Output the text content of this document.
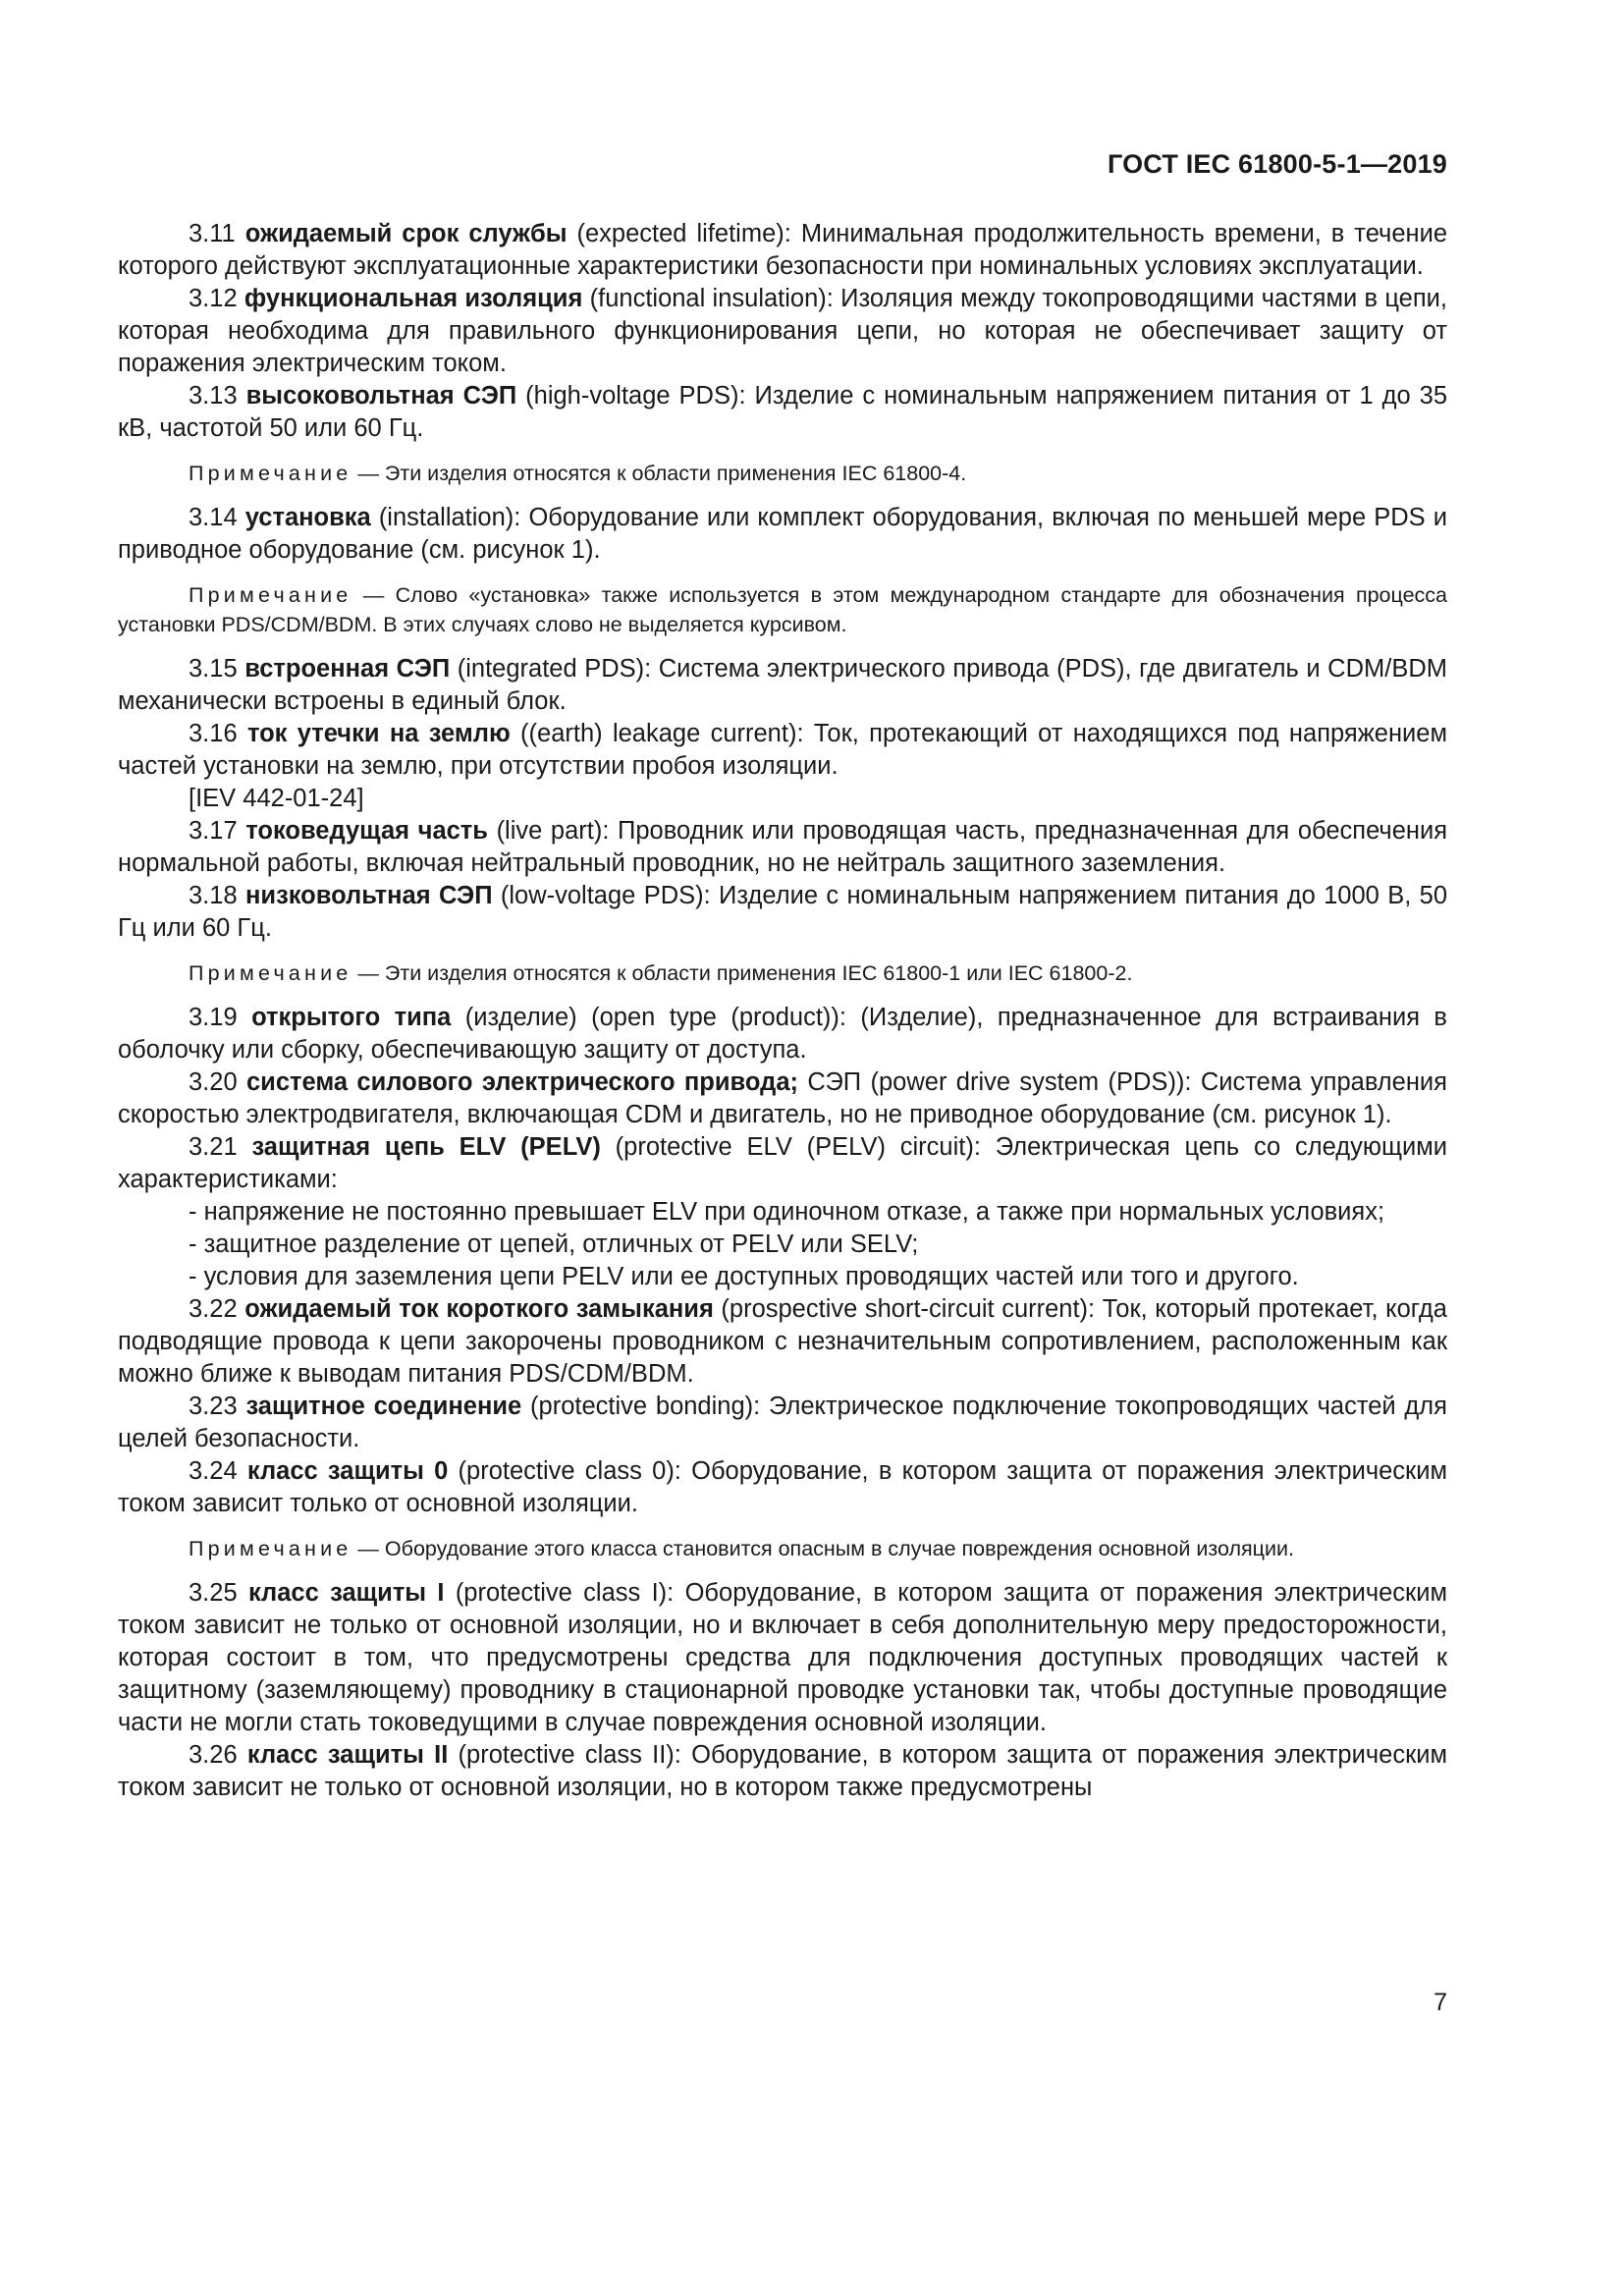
ГОСТ IEC 61800-5-1—2019

3.11 ожидаемый срок службы (expected lifetime): Минимальная продолжительность времени, в течение которого действуют эксплуатационные характеристики безопасности при номинальных условиях эксплуатации.

3.12 функциональная изоляция (functional insulation): Изоляция между токопроводящими частями в цепи, которая необходима для правильного функционирования цепи, но которая не обеспечивает защиту от поражения электрическим током.

3.13 высоковольтная СЭП (high-voltage PDS): Изделие с номинальным напряжением питания от 1 до 35 кВ, частотой 50 или 60 Гц.

Примечание — Эти изделия относятся к области применения IEC 61800-4.

3.14 установка (installation): Оборудование или комплект оборудования, включая по меньшей мере PDS и приводное оборудование (см. рисунок 1).

Примечание — Слово «установка» также используется в этом международном стандарте для обозначения процесса установки PDS/CDM/BDM. В этих случаях слово не выделяется курсивом.

3.15 встроенная СЭП (integrated PDS): Система электрического привода (PDS), где двигатель и CDM/BDM механически встроены в единый блок.

3.16 ток утечки на землю ((earth) leakage current): Ток, протекающий от находящихся под напряжением частей установки на землю, при отсутствии пробоя изоляции.

[IEV 442-01-24]

3.17 токоведущая часть (live part): Проводник или проводящая часть, предназначенная для обеспечения нормальной работы, включая нейтральный проводник, но не нейтраль защитного заземления.

3.18 низковольтная СЭП (low-voltage PDS): Изделие с номинальным напряжением питания до 1000 В, 50 Гц или 60 Гц.

Примечание — Эти изделия относятся к области применения IEC 61800-1 или IEC 61800-2.

3.19 открытого типа (изделие) (open type (product)): (Изделие), предназначенное для встраивания в оболочку или сборку, обеспечивающую защиту от доступа.

3.20 система силового электрического привода; СЭП (power drive system (PDS)): Система управления скоростью электродвигателя, включающая CDM и двигатель, но не приводное оборудование (см. рисунок 1).

3.21 защитная цепь ELV (PELV) (protective ELV (PELV) circuit): Электрическая цепь со следующими характеристиками:

- напряжение не постоянно превышает ELV при одиночном отказе, а также при нормальных условиях;

- защитное разделение от цепей, отличных от PELV или SELV;

- условия для заземления цепи PELV или ее доступных проводящих частей или того и другого.

3.22 ожидаемый ток короткого замыкания (prospective short-circuit current): Ток, который протекает, когда подводящие провода к цепи закорочены проводником с незначительным сопротивлением, расположенным как можно ближе к выводам питания PDS/CDM/BDM.

3.23 защитное соединение (protective bonding): Электрическое подключение токопроводящих частей для целей безопасности.

3.24 класс защиты 0 (protective class 0): Оборудование, в котором защита от поражения электрическим током зависит только от основной изоляции.

Примечание — Оборудование этого класса становится опасным в случае повреждения основной изоляции.

3.25 класс защиты I (protective class I): Оборудование, в котором защита от поражения электрическим током зависит не только от основной изоляции, но и включает в себя дополнительную меру предосторожности, которая состоит в том, что предусмотрены средства для подключения доступных проводящих частей к защитному (заземляющему) проводнику в стационарной проводке установки так, чтобы доступные проводящие части не могли стать токоведущими в случае повреждения основной изоляции.

3.26 класс защиты II (protective class II): Оборудование, в котором защита от поражения электрическим током зависит не только от основной изоляции, но в котором также предусмотрены

7
